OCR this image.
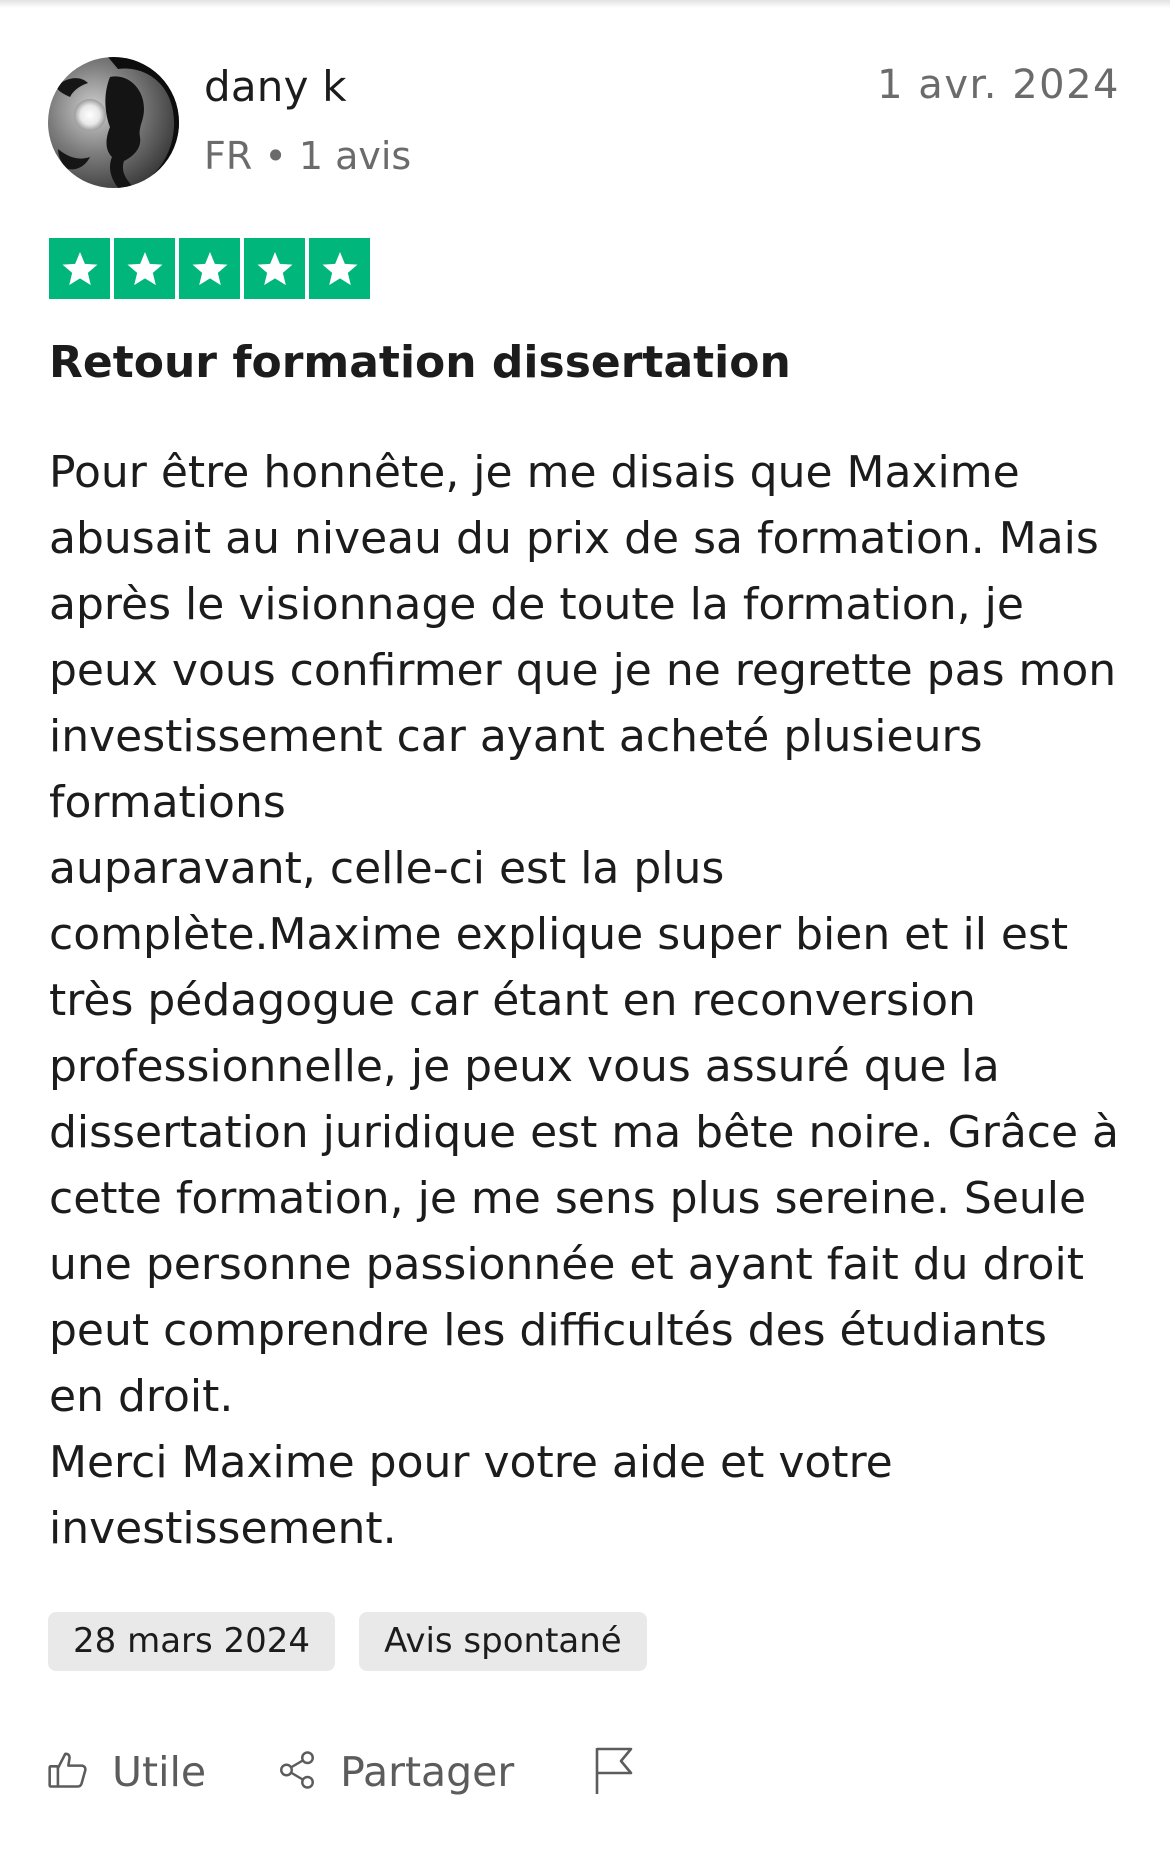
dany k
FR • 1 avis
1 avr. 2024
Retour formation dissertation
Pour être honnête, je me disais que Maxime
abusait au niveau du prix de sa formation. Mais
après le visionnage de toute la formation, je
peux vous confirmer que je ne regrette pas mon
investissement car ayant acheté plusieurs
formations
auparavant, celle-ci est la plus
complète.Maxime explique super bien et il est
très pédagogue car étant en reconversion
professionnelle, je peux vous assuré que la
dissertation juridique est ma bête noire. Grâce à
cette formation, je me sens plus sereine. Seule
une personne passionnée et ayant fait du droit
peut comprendre les difficultés des étudiants
en droit.
Merci Maxime pour votre aide et votre
investissement.
28 mars 2024	Avis spontané
Utile	Partager
